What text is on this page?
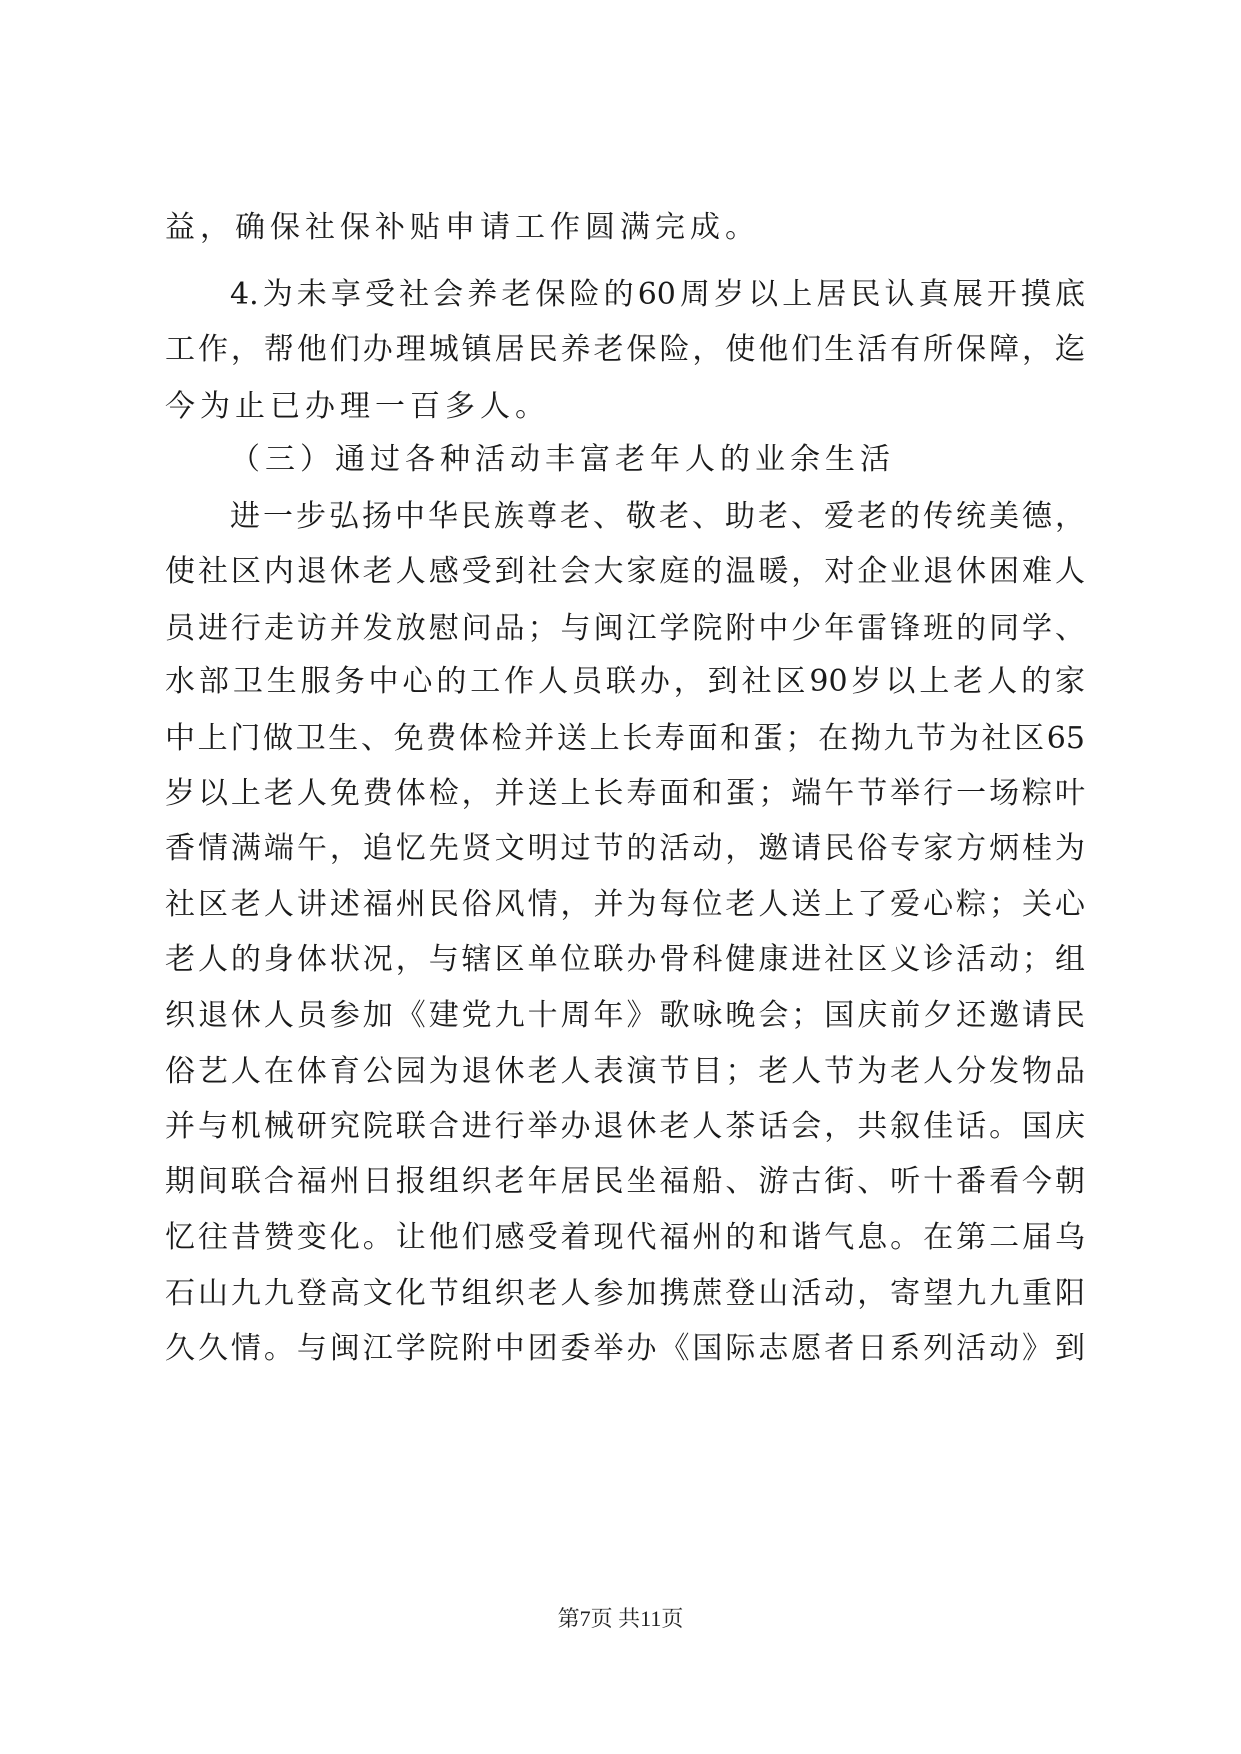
益，确保社保补贴申请工作圆满完成。
4.为未享受社会养老保险的60周岁以上居民认真展开摸底
工作，帮他们办理城镇居民养老保险，使他们生活有所保障，迄
今为止已办理一百多人。
（三）通过各种活动丰富老年人的业余生活
进一步弘扬中华民族尊老、敬老、助老、爱老的传统美德，
使社区内退休老人感受到社会大家庭的温暖，对企业退休困难人
员进行走访并发放慰问品；与闽江学院附中少年雷锋班的同学、
水部卫生服务中心的工作人员联办，到社区90岁以上老人的家
中上门做卫生、免费体检并送上长寿面和蛋；在拗九节为社区65
岁以上老人免费体检，并送上长寿面和蛋；端午节举行一场粽叶
香情满端午，追忆先贤文明过节的活动，邀请民俗专家方炳桂为
社区老人讲述福州民俗风情，并为每位老人送上了爱心粽；关心
老人的身体状况，与辖区单位联办骨科健康进社区义诊活动；组
织退休人员参加《建党九十周年》歌咏晚会；国庆前夕还邀请民
俗艺人在体育公园为退休老人表演节目；老人节为老人分发物品
并与机械研究院联合进行举办退休老人茶话会，共叙佳话。国庆
期间联合福州日报组织老年居民坐福船、游古街、听十番看今朝
忆往昔赞变化。让他们感受着现代福州的和谐气息。在第二届乌
石山九九登高文化节组织老人参加携蔗登山活动，寄望九九重阳
久久情。与闽江学院附中团委举办《国际志愿者日系列活动》到
第7页 共11页
